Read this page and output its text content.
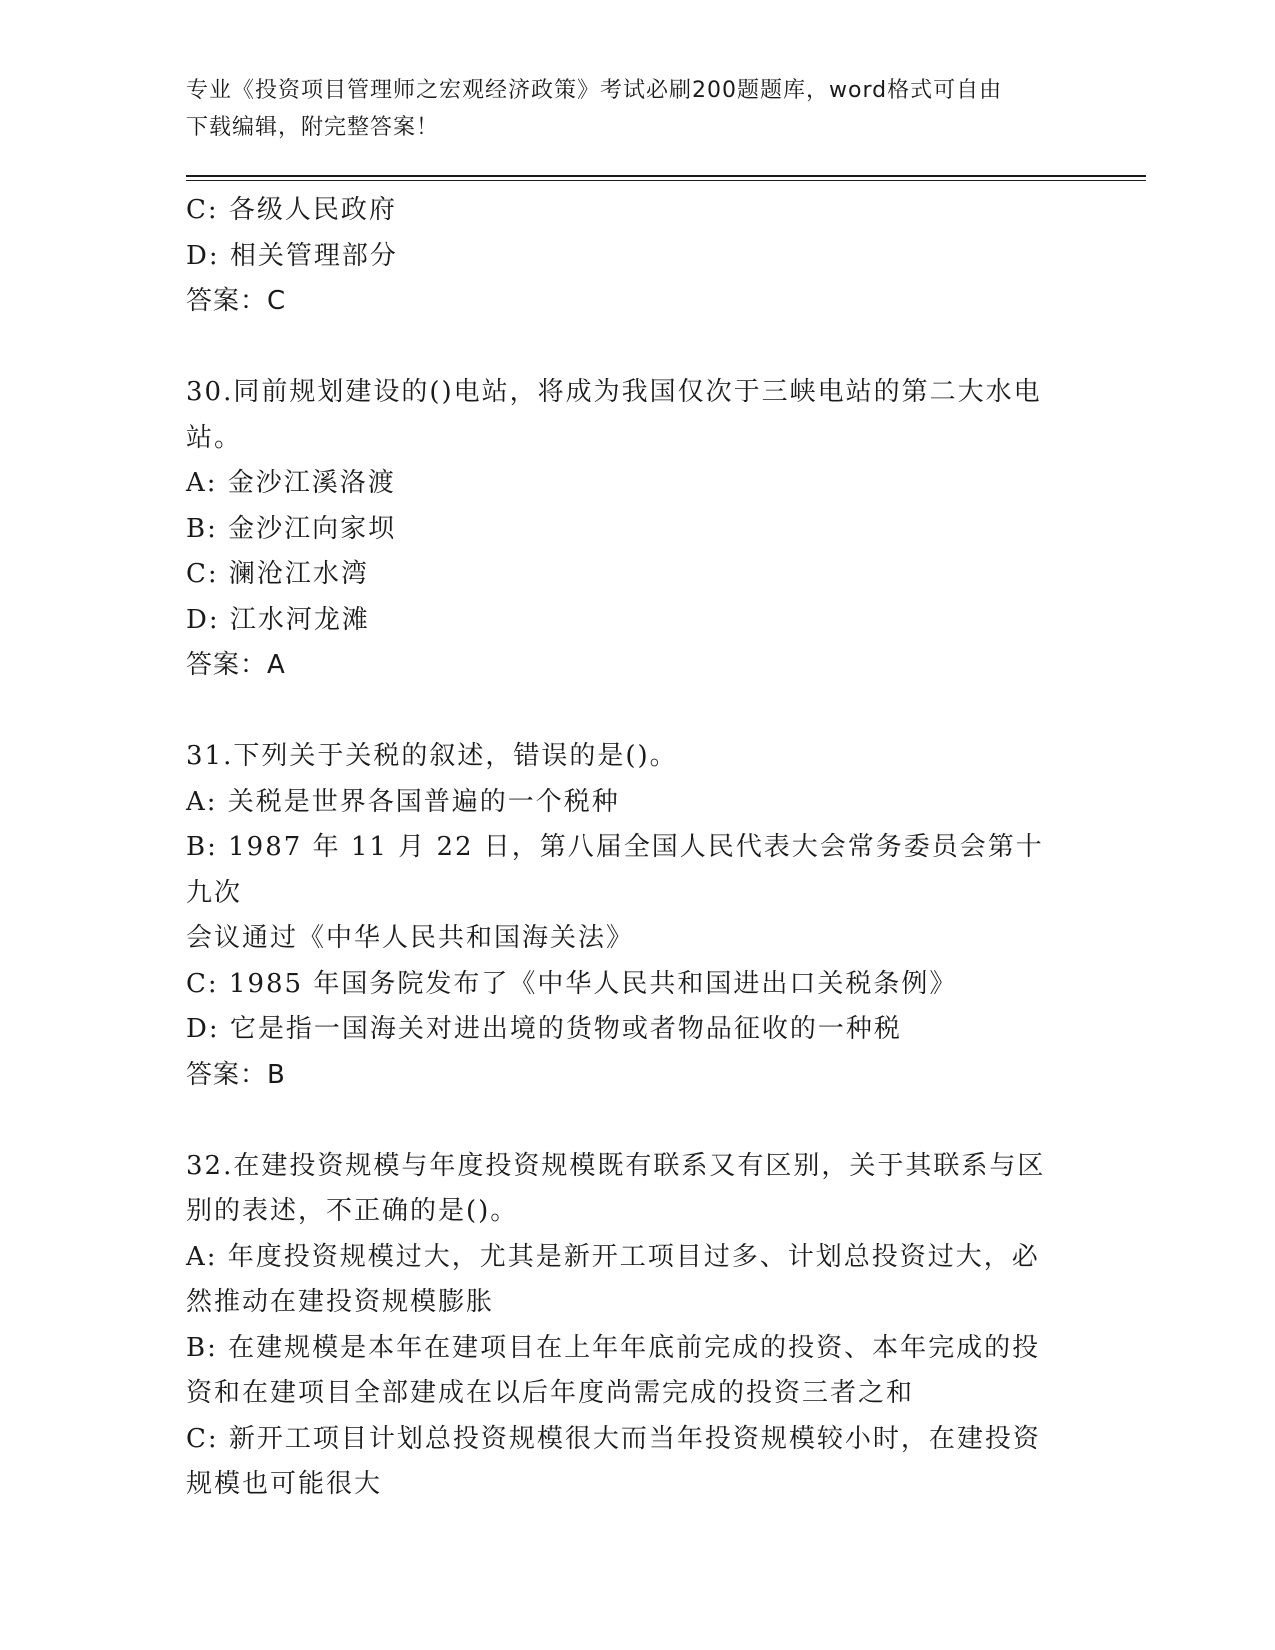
专业《投资项目管理师之宏观经济政策》考试必刷200题题库，word格式可自由
下载编辑，附完整答案！

C: 各级人民政府

D: 相关管理部分

答案：C

30.同前规划建设的()电站，将成为我国仅次于三峡电站的第二大水电

站。

A: 金沙江溪洛渡

B: 金沙江向家坝

C: 澜沧江水湾

D: 江水河龙滩

答案：A

31.下列关于关税的叙述，错误的是()。

A: 关税是世界各国普遍的一个税种

B: 1987 年 11 月 22 日，第八届全国人民代表大会常务委员会第十九次

会议通过《中华人民共和国海关法》

C: 1985 年国务院发布了《中华人民共和国进出口关税条例》

D: 它是指一国海关对进出境的货物或者物品征收的一种税

答案：B

32.在建投资规模与年度投资规模既有联系又有区别，关于其联系与区

别的表述，不正确的是()。

A: 年度投资规模过大，尤其是新开工项目过多、计划总投资过大，必

然推动在建投资规模膨胀

B: 在建规模是本年在建项目在上年年底前完成的投资、本年完成的投

资和在建项目全部建成在以后年度尚需完成的投资三者之和

C: 新开工项目计划总投资规模很大而当年投资规模较小时，在建投资

规模也可能很大
